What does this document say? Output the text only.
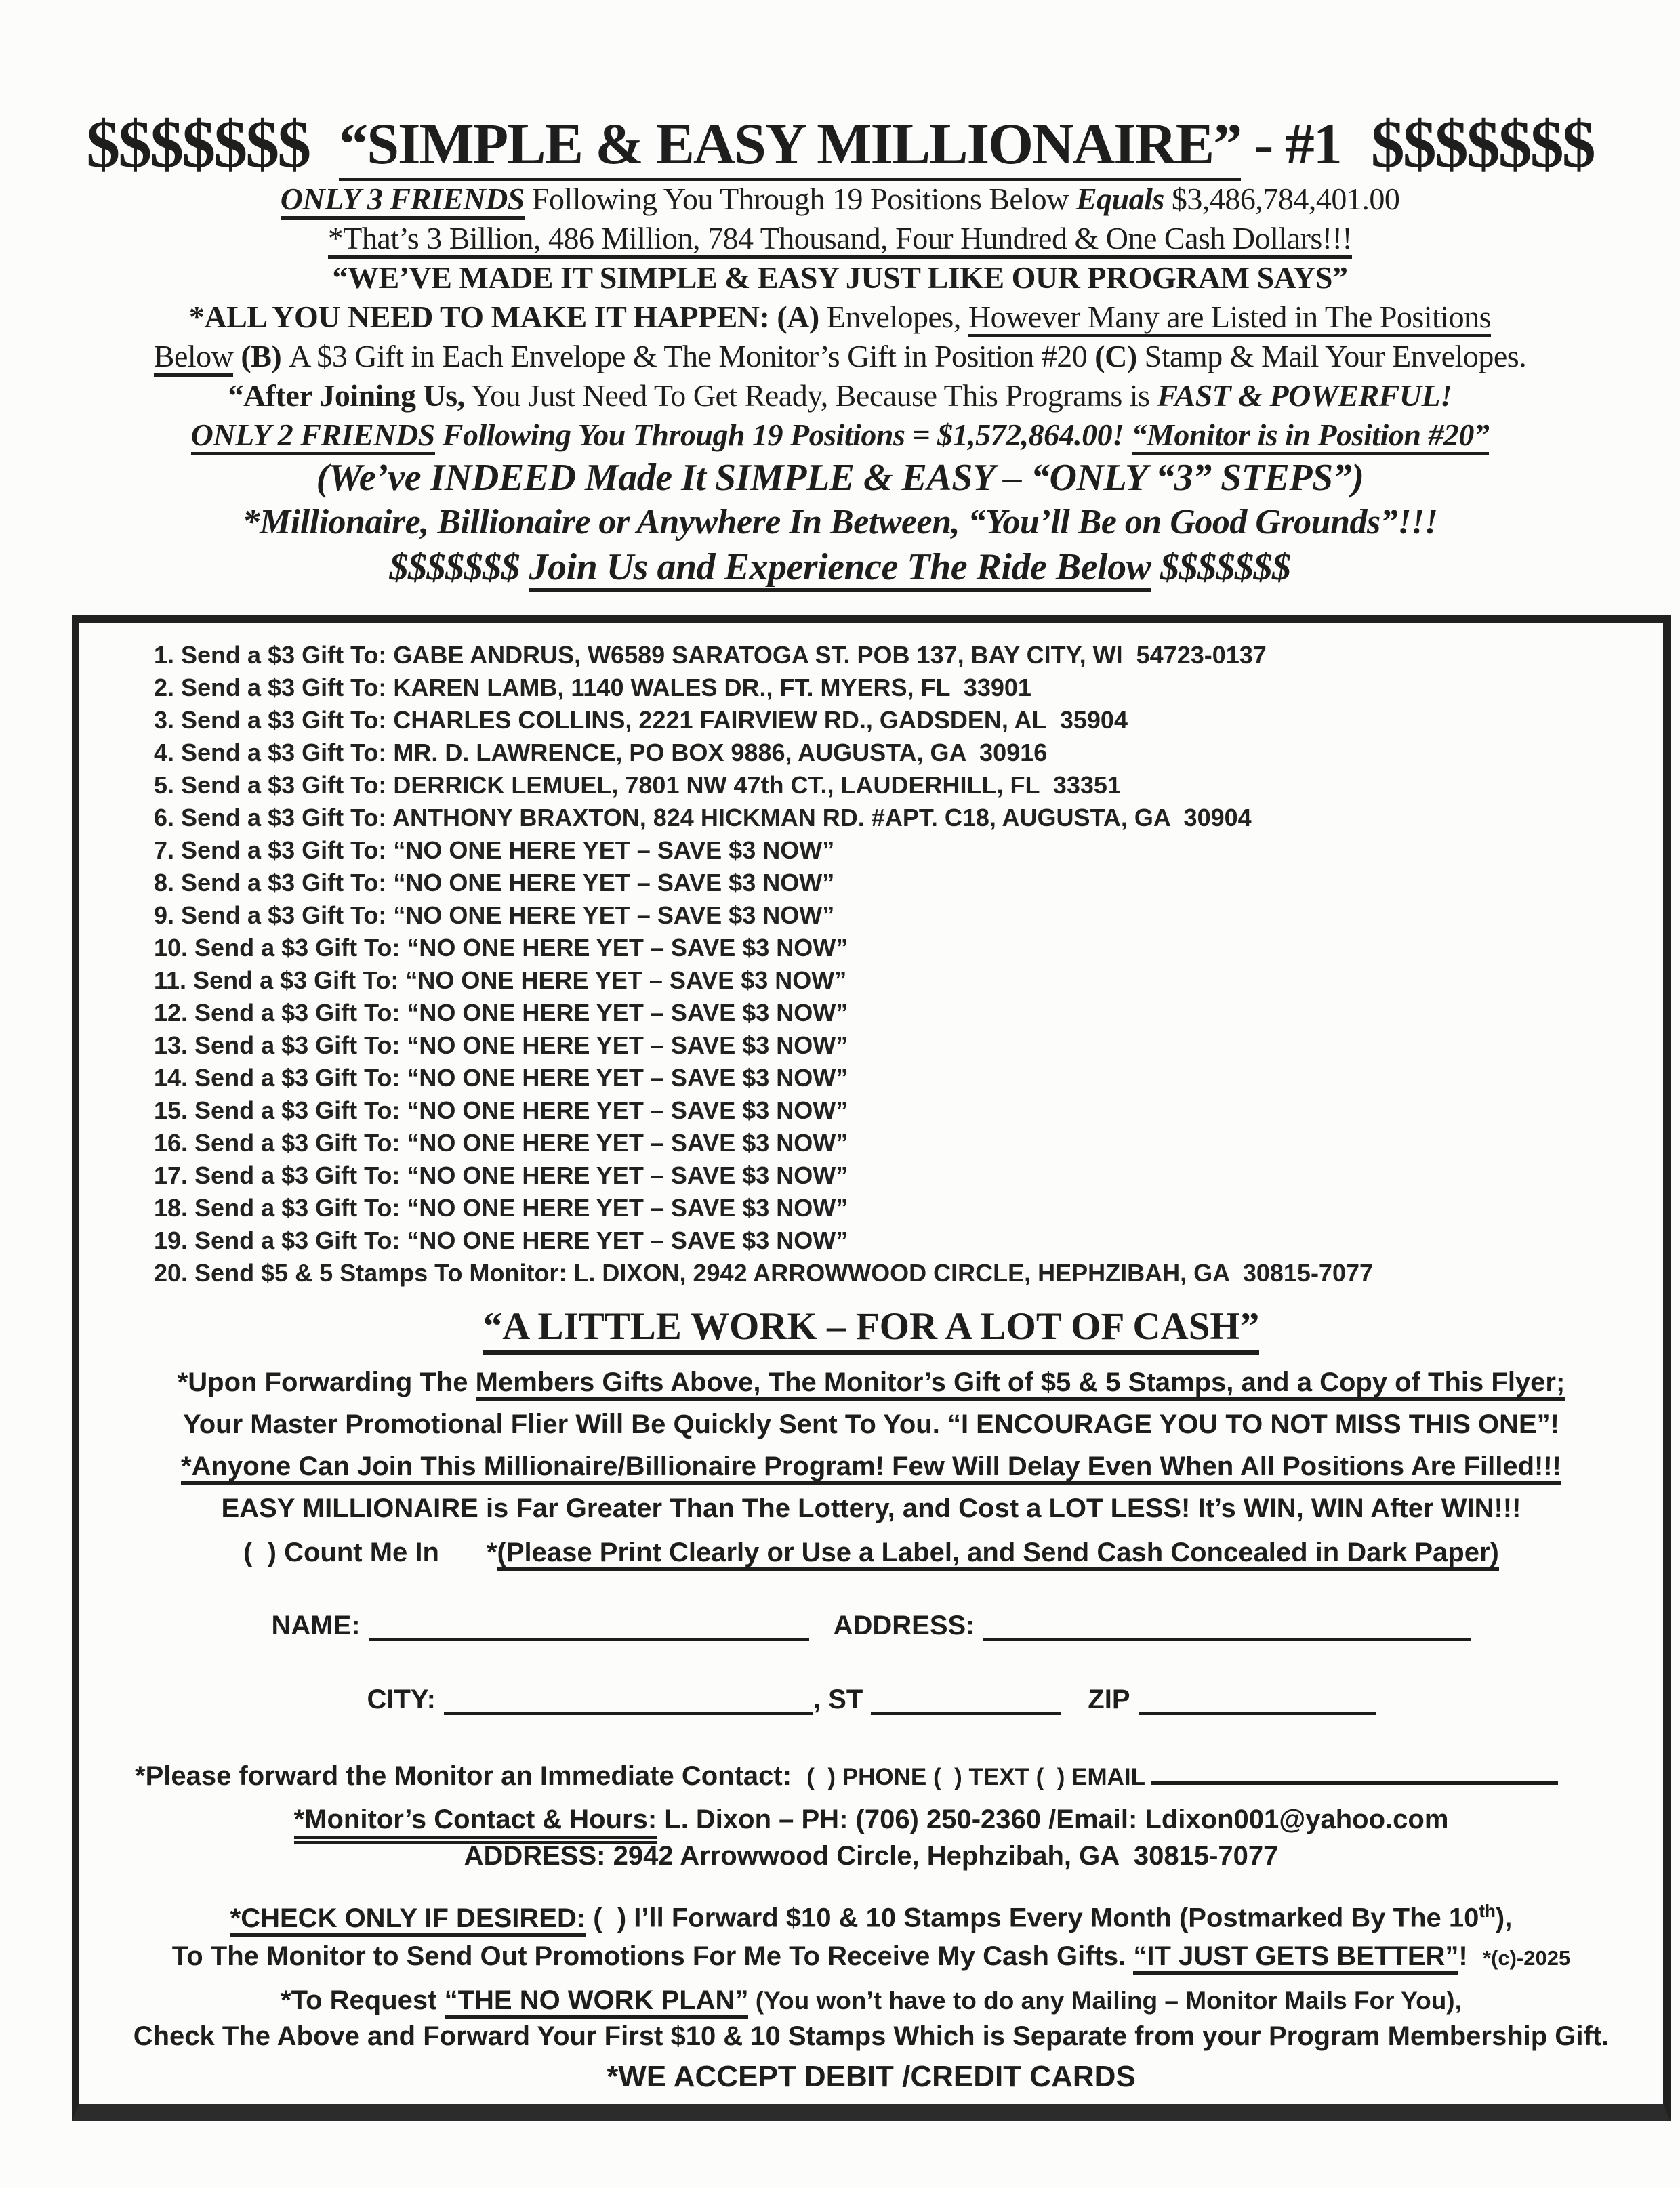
$$$$$$$ “SIMPLE & EASY MILLIONAIRE” - #1 $$$$$$$
ONLY 3 FRIENDS Following You Through 19 Positions Below Equals $3,486,784,401.00
*That’s 3 Billion, 486 Million, 784 Thousand, Four Hundred & One Cash Dollars!!!
“WE’VE MADE IT SIMPLE & EASY JUST LIKE OUR PROGRAM SAYS”
*ALL YOU NEED TO MAKE IT HAPPEN: (A) Envelopes, However Many are Listed in The Positions
Below (B) A $3 Gift in Each Envelope & The Monitor’s Gift in Position #20 (C) Stamp & Mail Your Envelopes.
“After Joining Us, You Just Need To Get Ready, Because This Programs is FAST & POWERFUL!
ONLY 2 FRIENDS Following You Through 19 Positions = $1,572,864.00! “Monitor is in Position #20”
(We’ve INDEED Made It SIMPLE & EASY – “ONLY “3” STEPS”)
*Millionaire, Billionaire or Anywhere In Between, “You’ll Be on Good Grounds”!!!
$$$$$$$ Join Us and Experience The Ride Below $$$$$$$
1. Send a $3 Gift To: GABE ANDRUS, W6589 SARATOGA ST. POB 137, BAY CITY, WI  54723-0137
2. Send a $3 Gift To: KAREN LAMB, 1140 WALES DR., FT. MYERS, FL  33901
3. Send a $3 Gift To: CHARLES COLLINS, 2221 FAIRVIEW RD., GADSDEN, AL  35904
4. Send a $3 Gift To: MR. D. LAWRENCE, PO BOX 9886, AUGUSTA, GA  30916
5. Send a $3 Gift To: DERRICK LEMUEL, 7801 NW 47th CT., LAUDERHILL, FL  33351
6. Send a $3 Gift To: ANTHONY BRAXTON, 824 HICKMAN RD. #APT. C18, AUGUSTA, GA  30904
7. Send a $3 Gift To: “NO ONE HERE YET – SAVE $3 NOW”
8. Send a $3 Gift To: “NO ONE HERE YET – SAVE $3 NOW”
9. Send a $3 Gift To: “NO ONE HERE YET – SAVE $3 NOW”
10. Send a $3 Gift To: “NO ONE HERE YET – SAVE $3 NOW”
11. Send a $3 Gift To: “NO ONE HERE YET – SAVE $3 NOW”
12. Send a $3 Gift To: “NO ONE HERE YET – SAVE $3 NOW”
13. Send a $3 Gift To: “NO ONE HERE YET – SAVE $3 NOW”
14. Send a $3 Gift To: “NO ONE HERE YET – SAVE $3 NOW”
15. Send a $3 Gift To: “NO ONE HERE YET – SAVE $3 NOW”
16. Send a $3 Gift To: “NO ONE HERE YET – SAVE $3 NOW”
17. Send a $3 Gift To: “NO ONE HERE YET – SAVE $3 NOW”
18. Send a $3 Gift To: “NO ONE HERE YET – SAVE $3 NOW”
19. Send a $3 Gift To: “NO ONE HERE YET – SAVE $3 NOW”
20. Send $5 & 5 Stamps To Monitor: L. DIXON, 2942 ARROWWOOD CIRCLE, HEPHZIBAH, GA  30815-7077
“A LITTLE WORK – FOR A LOT OF CASH”
*Upon Forwarding The Members Gifts Above, The Monitor’s Gift of $5 & 5 Stamps, and a Copy of This Flyer;
Your Master Promotional Flier Will Be Quickly Sent To You. “I ENCOURAGE YOU TO NOT MISS THIS ONE”!
*Anyone Can Join This Millionaire/Billionaire Program! Few Will Delay Even When All Positions Are Filled!!!
EASY MILLIONAIRE is Far Greater Than The Lottery, and Cost a LOT LESS! It’s WIN, WIN After WIN!!!
(  ) Count Me In *(Please Print Clearly or Use a Label, and Send Cash Concealed in Dark Paper)
NAME:	ADDRESS:
CITY:	, ST	ZIP
*Please forward the Monitor an Immediate Contact:  (  ) PHONE (  ) TEXT (  ) EMAIL
*Monitor’s Contact & Hours: L. Dixon – PH: (706) 250-2360 /Email: Ldixon001@yahoo.com
ADDRESS: 2942 Arrowwood Circle, Hephzibah, GA  30815-7077
*CHECK ONLY IF DESIRED: (  ) I’ll Forward $10 & 10 Stamps Every Month (Postmarked By The 10th),
To The Monitor to Send Out Promotions For Me To Receive My Cash Gifts. “IT JUST GETS BETTER”!  *(c)-2025
*To Request “THE NO WORK PLAN” (You won’t have to do any Mailing – Monitor Mails For You),
Check The Above and Forward Your First $10 & 10 Stamps Which is Separate from your Program Membership Gift.
*WE ACCEPT DEBIT /CREDIT CARDS
